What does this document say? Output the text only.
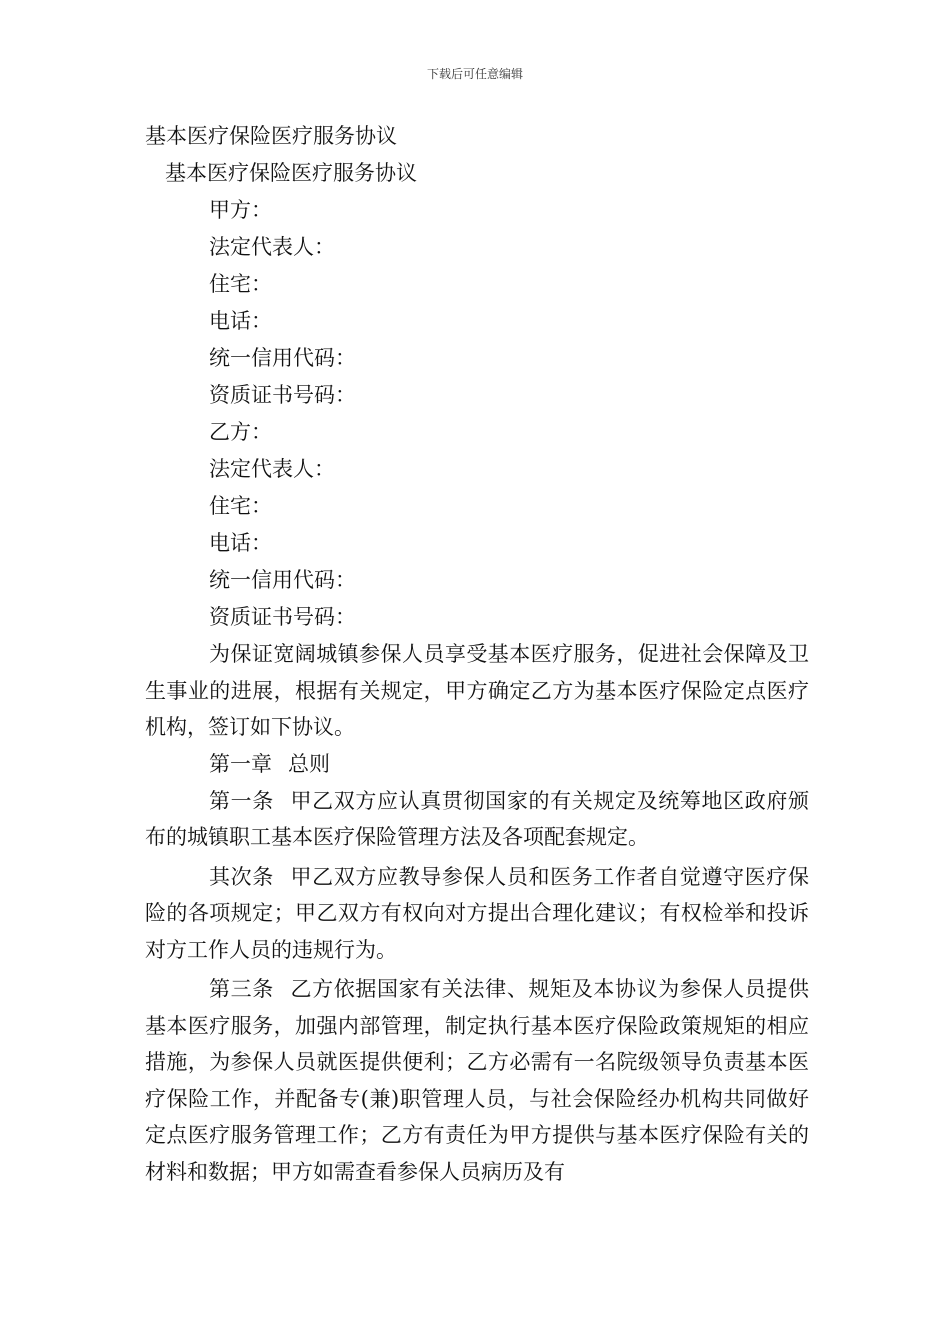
下载后可任意编辑

基本医疗保险医疗服务协议

基本医疗保险医疗服务协议

甲方：

法定代表人：

住宅：

电话：

统一信用代码：

资质证书号码：

乙方：

法定代表人：

住宅：

电话：

统一信用代码：

资质证书号码：

为保证宽阔城镇参保人员享受基本医疗服务，促进社会保障及卫生事业的进展，根据有关规定，甲方确定乙方为基本医疗保险定点医疗机构，签订如下协议。

第一章 总则

第一条 甲乙双方应认真贯彻国家的有关规定及统筹地区政府颁布的城镇职工基本医疗保险管理方法及各项配套规定。

其次条 甲乙双方应教导参保人员和医务工作者自觉遵守医疗保险的各项规定；甲乙双方有权向对方提出合理化建议；有权检举和投诉对方工作人员的违规行为。

第三条 乙方依据国家有关法律、规矩及本协议为参保人员提供基本医疗服务，加强内部管理，制定执行基本医疗保险政策规矩的相应措施，为参保人员就医提供便利；乙方必需有一名院级领导负责基本医疗保险工作，并配备专(兼)职管理人员，与社会保险经办机构共同做好定点医疗服务管理工作；乙方有责任为甲方提供与基本医疗保险有关的材料和数据；甲方如需查看参保人员病历及有
